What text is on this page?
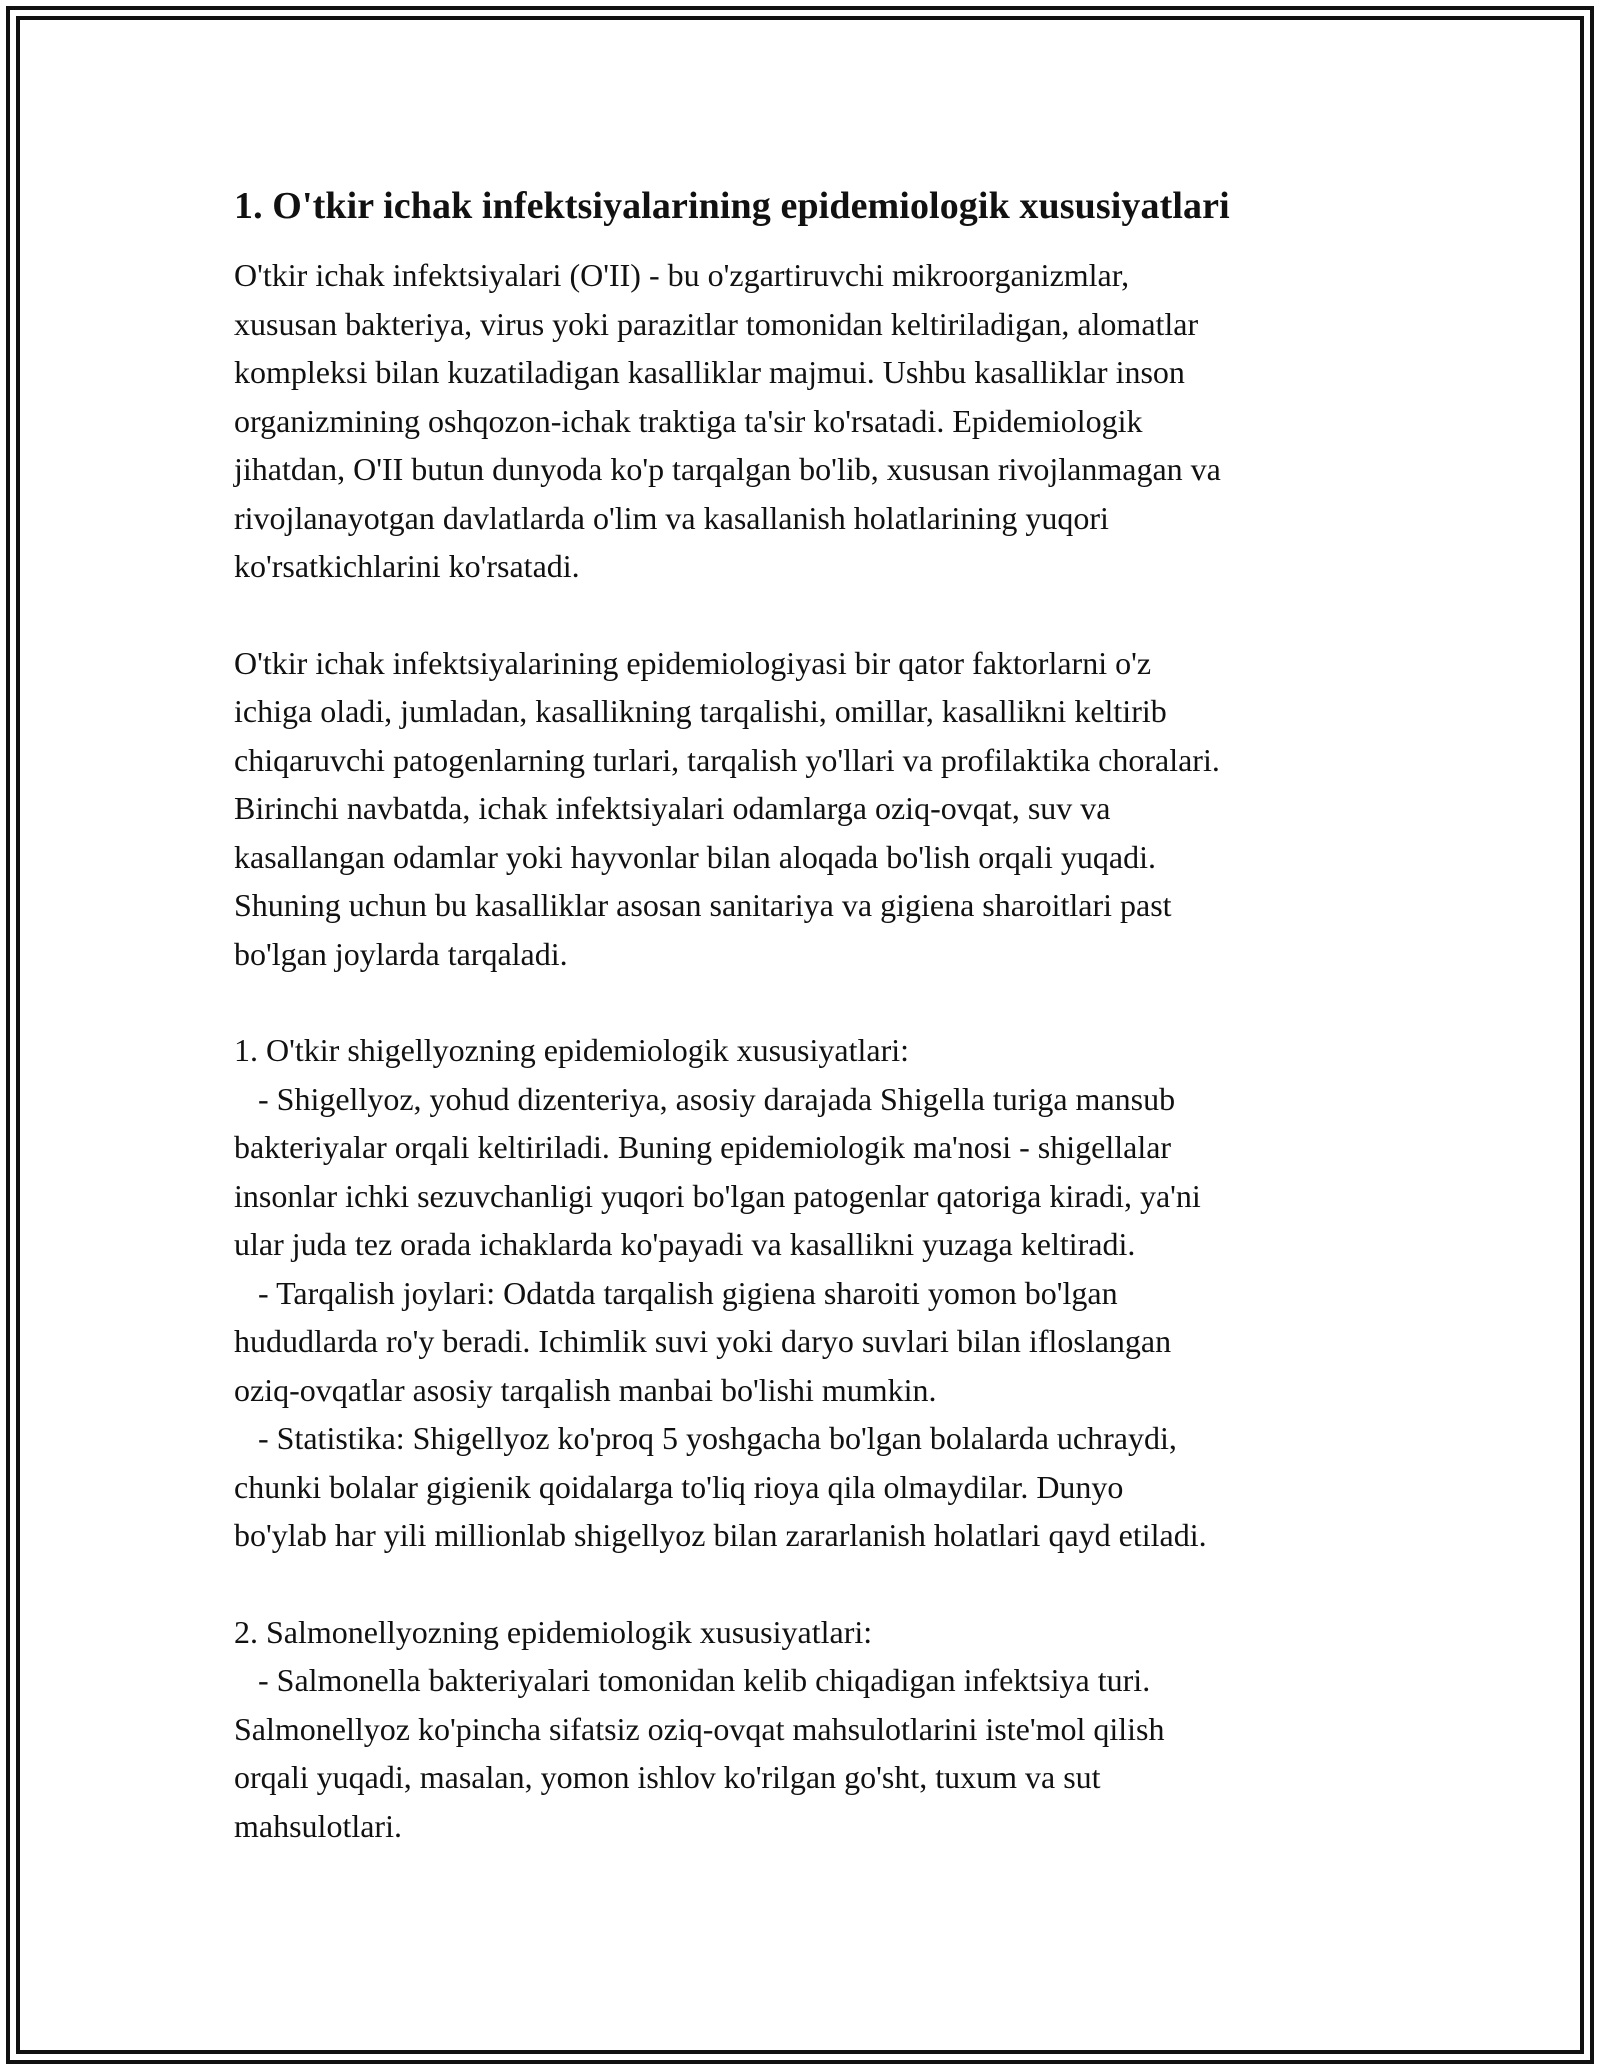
1. O'tkir ichak infektsiyalarining epidemiologik xususiyatlari

O'tkir ichak infektsiyalari (O'II) - bu o'zgartiruvchi mikroorganizmlar,
xususan bakteriya, virus yoki parazitlar tomonidan keltiriladigan, alomatlar
kompleksi bilan kuzatiladigan kasalliklar majmui. Ushbu kasalliklar inson
organizmining oshqozon-ichak traktiga ta'sir ko'rsatadi. Epidemiologik
jihatdan, O'II butun dunyoda ko'p tarqalgan bo'lib, xususan rivojlanmagan va
rivojlanayotgan davlatlarda o'lim va kasallanish holatlarining yuqori
ko'rsatkichlarini ko'rsatadi.

O'tkir ichak infektsiyalarining epidemiologiyasi bir qator faktorlarni o'z
ichiga oladi, jumladan, kasallikning tarqalishi, omillar, kasallikni keltirib
chiqaruvchi patogenlarning turlari, tarqalish yo'llari va profilaktika choralari.
Birinchi navbatda, ichak infektsiyalari odamlarga oziq-ovqat, suv va
kasallangan odamlar yoki hayvonlar bilan aloqada bo'lish orqali yuqadi.
Shuning uchun bu kasalliklar asosan sanitariya va gigiena sharoitlari past
bo'lgan joylarda tarqaladi.

1. O'tkir shigellyozning epidemiologik xususiyatlari:
- Shigellyoz, yohud dizenteriya, asosiy darajada Shigella turiga mansub
bakteriyalar orqali keltiriladi. Buning epidemiologik ma'nosi - shigellalar
insonlar ichki sezuvchanligi yuqori bo'lgan patogenlar qatoriga kiradi, ya'ni
ular juda tez orada ichaklarda ko'payadi va kasallikni yuzaga keltiradi.
- Tarqalish joylari: Odatda tarqalish gigiena sharoiti yomon bo'lgan
hududlarda ro'y beradi. Ichimlik suvi yoki daryo suvlari bilan ifloslangan
oziq-ovqatlar asosiy tarqalish manbai bo'lishi mumkin.
- Statistika: Shigellyoz ko'proq 5 yoshgacha bo'lgan bolalarda uchraydi,
chunki bolalar gigienik qoidalarga to'liq rioya qila olmaydilar. Dunyo
bo'ylab har yili millionlab shigellyoz bilan zararlanish holatlari qayd etiladi.

2. Salmonellyozning epidemiologik xususiyatlari:
- Salmonella bakteriyalari tomonidan kelib chiqadigan infektsiya turi.
Salmonellyoz ko'pincha sifatsiz oziq-ovqat mahsulotlarini iste'mol qilish
orqali yuqadi, masalan, yomon ishlov ko'rilgan go'sht, tuxum va sut
mahsulotlari.
